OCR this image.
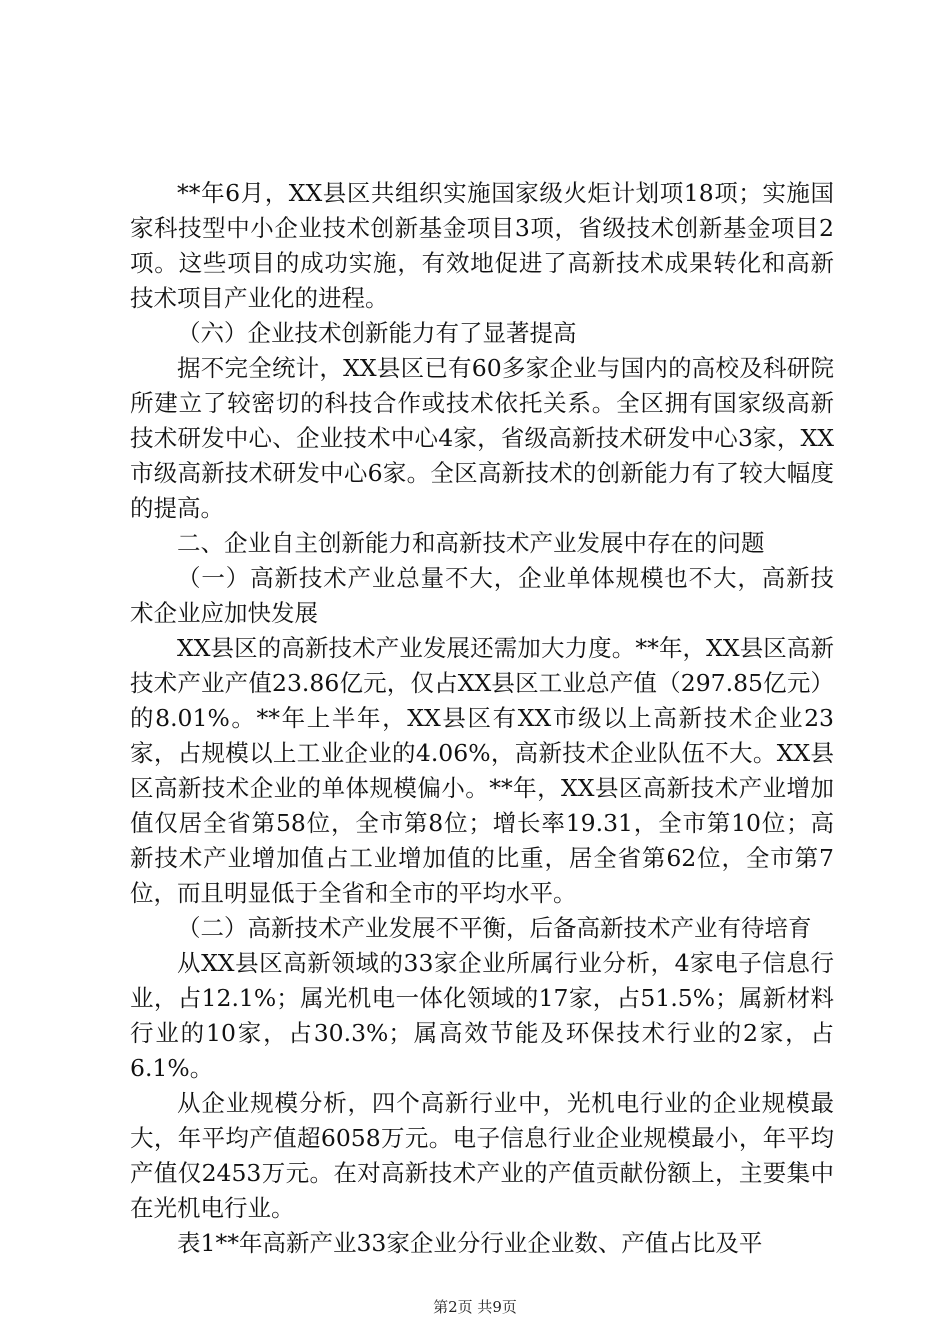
**年6月，XX县区共组织实施国家级火炬计划项18项；实施国家科技型中小企业技术创新基金项目3项，省级技术创新基金项目2项。这些项目的成功实施，有效地促进了高新技术成果转化和高新技术项目产业化的进程。

（六）企业技术创新能力有了显著提高

据不完全统计，XX县区已有60多家企业与国内的高校及科研院所建立了较密切的科技合作或技术依托关系。全区拥有国家级高新技术研发中心、企业技术中心4家，省级高新技术研发中心3家，XX市级高新技术研发中心6家。全区高新技术的创新能力有了较大幅度的提高。

二、企业自主创新能力和高新技术产业发展中存在的问题

（一）高新技术产业总量不大，企业单体规模也不大，高新技术企业应加快发展

XX县区的高新技术产业发展还需加大力度。**年，XX县区高新技术产业产值23.86亿元，仅占XX县区工业总产值（297.85亿元）的8.01%。**年上半年，XX县区有XX市级以上高新技术企业23家，占规模以上工业企业的4.06%，高新技术企业队伍不大。XX县区高新技术企业的单体规模偏小。**年，XX县区高新技术产业增加值仅居全省第58位，全市第8位；增长率19.31，全市第10位；高新技术产业增加值占工业增加值的比重，居全省第62位，全市第7位，而且明显低于全省和全市的平均水平。

（二）高新技术产业发展不平衡，后备高新技术产业有待培育

从XX县区高新领域的33家企业所属行业分析，4家电子信息行业，占12.1%；属光机电一体化领域的17家，占51.5%；属新材料行业的10家，占30.3%；属高效节能及环保技术行业的2家，占6.1%。

从企业规模分析，四个高新行业中，光机电行业的企业规模最大，年平均产值超6058万元。电子信息行业企业规模最小，年平均产值仅2453万元。在对高新技术产业的产值贡献份额上，主要集中在光机电行业。

表1**年高新产业33家企业分行业企业数、产值占比及平

第2页 共9页
